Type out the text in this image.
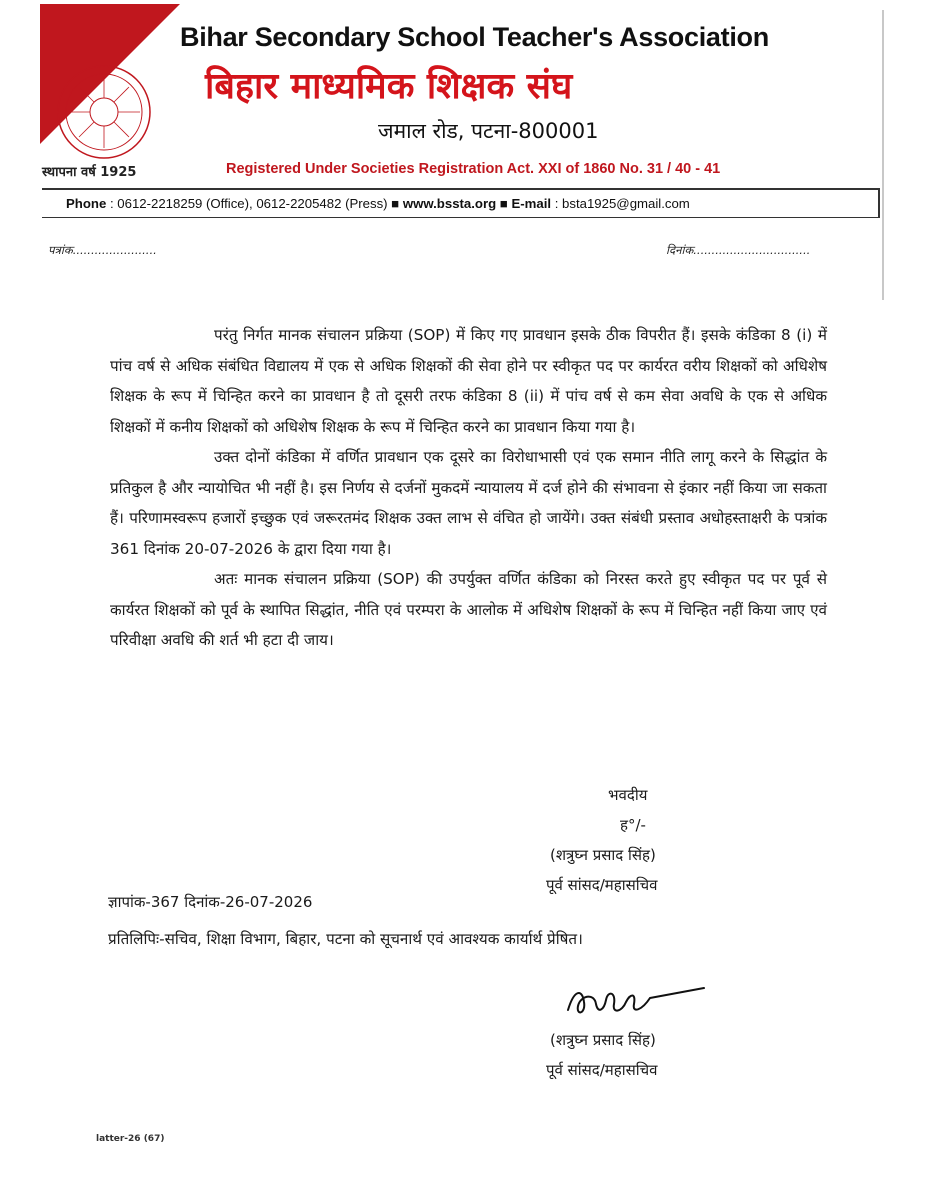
स्थापना वर्ष 1925
Bihar Secondary School Teacher's Association
बिहार माध्यमिक शिक्षक संघ
जमाल रोड, पटना-800001
Registered Under Societies Registration Act. XXI of 1860 No. 31 / 40 - 41
Phone : 0612-2218259 (Office), 0612-2205482 (Press) ■ www.bssta.org ■ E-mail : bsta1925@gmail.com
पत्रांक.......................	दिनांक................................

परंतु निर्गत मानक संचालन प्रक्रिया (SOP) में किए गए प्रावधान इसके ठीक विपरीत हैं। इसके कंडिका 8 (i) में पांच वर्ष से अधिक संबंधित विद्यालय में एक से अधिक शिक्षकों की सेवा होने पर स्वीकृत पद पर कार्यरत वरीय शिक्षकों को अधिशेष शिक्षक के रूप में चिन्हित करने का प्रावधान है तो दूसरी तरफ कंडिका 8 (ii) में पांच वर्ष से कम सेवा अवधि के एक से अधिक शिक्षकों में कनीय शिक्षकों को अधिशेष शिक्षक के रूप में चिन्हित करने का प्रावधान किया गया है।

उक्त दोनों कंडिका में वर्णित प्रावधान एक दूसरे का विरोधाभासी एवं एक समान नीति लागू करने के सिद्धांत के प्रतिकुल है और न्यायोचित भी नहीं है। इस निर्णय से दर्जनों मुकदमें न्यायालय में दर्ज होने की संभावना से इंकार नहीं किया जा सकता हैं। परिणामस्वरूप हजारों इच्छुक एवं जरूरतमंद शिक्षक उक्त लाभ से वंचित हो जायेंगे। उक्त संबंधी प्रस्ताव अधोहस्ताक्षरी के पत्रांक 361 दिनांक 20-07-2026 के द्वारा दिया गया है।

अतः मानक संचालन प्रक्रिया (SOP) की उपर्युक्त वर्णित कंडिका को निरस्त करते हुए स्वीकृत पद पर पूर्व से कार्यरत शिक्षकों को पूर्व के स्थापित सिद्धांत, नीति एवं परम्परा के आलोक में अधिशेष शिक्षकों के रूप में चिन्हित नहीं किया जाए एवं परिवीक्षा अवधि की शर्त भी हटा दी जाय।

भवदीय
ह°/-
(शत्रुघ्न प्रसाद सिंह)
पूर्व सांसद/महासचिव
ज्ञापांक-367 दिनांक-26-07-2026
प्रतिलिपिः-सचिव, शिक्षा विभाग, बिहार, पटना को सूचनार्थ एवं आवश्यक कार्यार्थ प्रेषित।
(शत्रुघ्न प्रसाद सिंह)
पूर्व सांसद/महासचिव
latter-26 (67)
